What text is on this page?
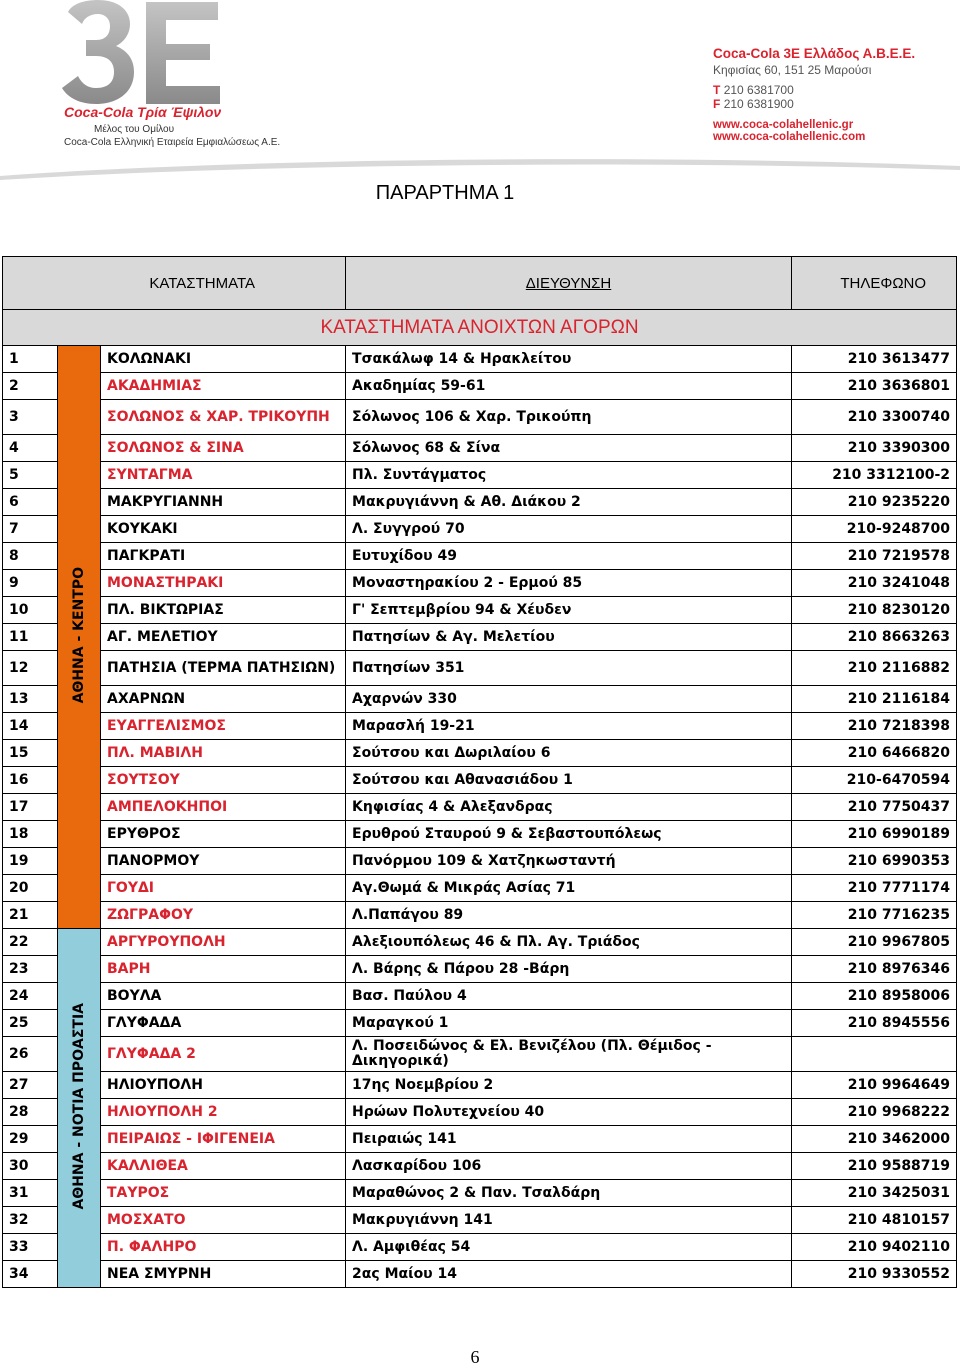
Coca-Cola Τρία Έψιλον
Μέλος του Ομίλου
Coca-Cola Ελληνική Εταιρεία Εμφιαλώσεως Α.Ε.
Coca-Cola 3E Ελλάδος Α.Β.Ε.Ε.
Κηφισίας 60, 151 25 Μαρούσι
T 210 6381700
F 210 6381900
www.coca-colahellenic.gr
www.coca-colahellenic.com
ΠΑΡΑΡΤΗΜΑ 1
ΚΑΤΑΣΤΗΜΑΤΑ			ΔΙΕΥΘΥΝΣΗ	ΤΗΛΕΦΩΝΟ
ΚΑΤΑΣΤΗΜΑΤΑ ΑΝΟΙΧΤΩΝ ΑΓΟΡΩΝ				
1	ΑΘΗΝΑ - ΚΕΝΤΡΟ	ΚΟΛΩΝΑΚΙ	Τσακάλωφ 14 & Ηρακλείτου	210 3613477
2		ΑΚΑΔΗΜΙΑΣ	Ακαδημίας 59-61	210 3636801
3		ΣΟΛΩΝΟΣ & ΧΑΡ. ΤΡΙΚΟΥΠΗ	Σόλωνος 106 & Χαρ. Τρικούπη	210 3300740
4		ΣΟΛΩΝΟΣ & ΣΙΝΑ	Σόλωνος 68 & Σίνα	210 3390300
5		ΣΥΝΤΑΓΜΑ	Πλ. Συντάγματος	210 3312100-2
6		ΜΑΚΡΥΓΙΑΝΝΗ	Μακρυγιάννη & Αθ. Διάκου 2	210 9235220
7		ΚΟΥΚΑΚΙ	Λ. Συγγρού 70	210-9248700
8		ΠΑΓΚΡΑΤΙ	Ευτυχίδου 49	210 7219578
9		ΜΟΝΑΣΤΗΡΑΚΙ	Μοναστηρακίου 2 - Ερμού 85	210 3241048
10		ΠΛ. ΒΙΚΤΩΡΙΑΣ	Γ' Σεπτεμβρίου 94 & Χέυδεν	210 8230120
11		ΑΓ. ΜΕΛΕΤΙΟΥ	Πατησίων & Αγ. Μελετίου	210 8663263
12		ΠΑΤΗΣΙΑ (ΤΕΡΜΑ ΠΑΤΗΣΙΩΝ)	Πατησίων 351	210 2116882
13		ΑΧΑΡΝΩΝ	Αχαρνών 330	210 2116184
14		ΕΥΑΓΓΕΛΙΣΜΟΣ	Μαρασλή 19-21	210 7218398
15		ΠΛ. ΜΑΒΙΛΗ	Σούτσου και Δωριλαίου 6	210 6466820
16		ΣΟΥΤΣΟΥ	Σούτσου και Αθανασιάδου 1	210-6470594
17		ΑΜΠΕΛΟΚΗΠΟΙ	Κηφισίας 4 & Αλεξανδρας	210 7750437
18		ΕΡΥΘΡΟΣ	Ερυθρού Σταυρού 9 & Σεβαστουπόλεως	210 6990189
19		ΠΑΝΟΡΜΟΥ	Πανόρμου 109 & Χατζηκωσταντή	210 6990353
20		ΓΟΥΔΙ	Αγ.Θωμά & Μικράς Ασίας 71	210 7771174
21		ΖΩΓΡΑΦΟΥ	Λ.Παπάγου 89	210 7716235
22	ΑΘΗΝΑ - ΝΟΤΙΑ ΠΡΟΑΣΤΙΑ	ΑΡΓΥΡΟΥΠΟΛΗ	Αλεξιουπόλεως 46 & Πλ. Αγ. Τριάδος	210 9967805
23		ΒΑΡΗ	Λ. Βάρης & Πάρου 28 -Βάρη	210 8976346
24		ΒΟΥΛΑ	Βασ. Παύλου 4	210 8958006
25		ΓΛΥΦΑΔΑ	Μαραγκού 1	210 8945556
26		ΓΛΥΦΑΔΑ 2	Λ. Ποσειδώνος & Ελ. Βενιζέλου (Πλ. Θέμιδος - Δικηγορικά)	
27		ΗΛΙΟΥΠΟΛΗ	17ης Νοεμβρίου 2	210 9964649
28		ΗΛΙΟΥΠΟΛΗ 2	Ηρώων Πολυτεχνείου 40	210 9968222
29		ΠΕΙΡΑΙΩΣ - ΙΦΙΓΕΝΕΙΑ	Πειραιώς 141	210 3462000
30		ΚΑΛΛΙΘΕΑ	Λασκαρίδου 106	210 9588719
31		ΤΑΥΡΟΣ	Μαραθώνος 2 & Παν. Τσαλδάρη	210 3425031
32		ΜΟΣΧΑΤΟ	Μακρυγιάννη 141	210 4810157
33		Π. ΦΑΛΗΡΟ	Λ. Αμφιθέας 54	210 9402110
34		ΝΕΑ ΣΜΥΡΝΗ	2ας Μαίου 14	210 9330552
6
